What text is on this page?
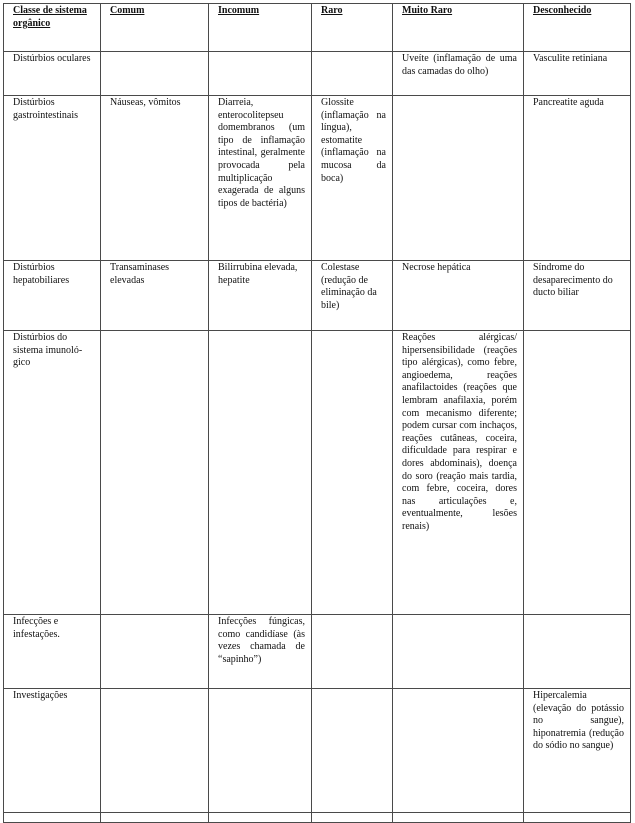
Classe de sistema orgânico	Comum	Incomum	Raro	Muito Raro	Desconhecido
Distúrbios oculares				Uveíte (inflamação de uma das camadas do olho)	Vasculite retiniana
Distúrbios gastrointestinais	Náuseas, vômitos	Diarreia, enterocolitepseu domembranos (um tipo de inflamação intestinal, geralmente provocada pela multiplicação exagerada de alguns tipos de bactéria)	Glossite (inflamação na língua), estomatite (inflamação na mucosa da boca)		Pancreatite aguda
Distúrbios hepatobiliares	Transaminases elevadas	Bilirrubina elevada, hepatite	Colestase (redução de eliminação da bile)	Necrose hepática	Síndrome do desaparecimento do ducto biliar
Distúrbios do sistema imunoló- gico				Reações alérgicas/ hipersensibilidade (reações tipo alérgicas), como febre, angioedema, reações anafilactoides (reações que lembram anafilaxia, porém com mecanismo diferente; podem cursar com inchaços, reações cutâneas, coceira, dificuldade para respirar e dores abdominais), doença do soro (reação mais tardia, com febre, coceira, dores nas articulações e, eventualmente, lesões renais)	
Infecções e infestações.		Infecções fúngicas, como candidíase (às vezes chamada de “sapinho”)			
Investigações					Hipercalemia (elevação do potássio no sangue), hiponatremia (redução do sódio no sangue)
